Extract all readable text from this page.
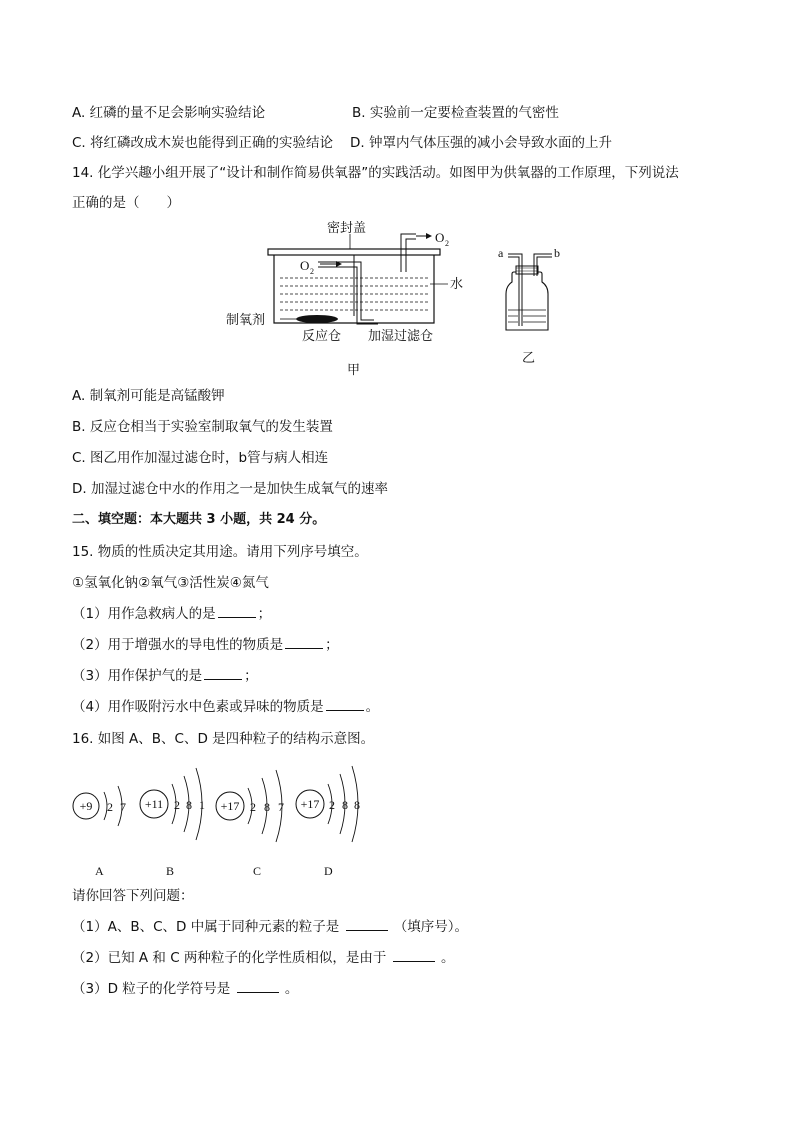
A. 红磷的量不足会影响实验结论	B. 实验前一定要检查装置的气密性
C. 将红磷改成木炭也能得到正确的实验结论 D. 钟罩内气体压强的减小会导致水面的上升
14. 化学兴趣小组开展了“设计和制作简易供氧器”的实践活动。如图甲为供氧器的工作原理，下列说法
正确的是（　　）
密封盖
O 2
O 2
水
制氧剂
反应仓 加湿过滤仓
甲
a	b
乙
A. 制氧剂可能是高锰酸钾
B. 反应仓相当于实验室制取氧气的发生装置
C. 图乙用作加湿过滤仓时，b管与病人相连
D. 加湿过滤仓中水的作用之一是加快生成氧气的速率
二、填空题：本大题共 3 小题，共 24 分。
15. 物质的性质决定其用途。请用下列序号填空。
①氢氧化钠②氧气③活性炭④氮气
（1）用作急救病人的是	；
（2）用于增强水的导电性的物质是	；
（3）用作保护气的是	；
（4）用作吸附污水中色素或异味的物质是	。
16. 如图 A、B、C、D 是四种粒子的结构示意图。
+9 2 7
A
+11 2 8 1
B
+17 2 8 7
C
+17 2 8 8
D
请你回答下列问题：
（1）A、B、C、D 中属于同种元素的粒子是	（填序号）。
（2）已知 A 和 C 两种粒子的化学性质相似，是由于	。
（3）D 粒子的化学符号是	。
